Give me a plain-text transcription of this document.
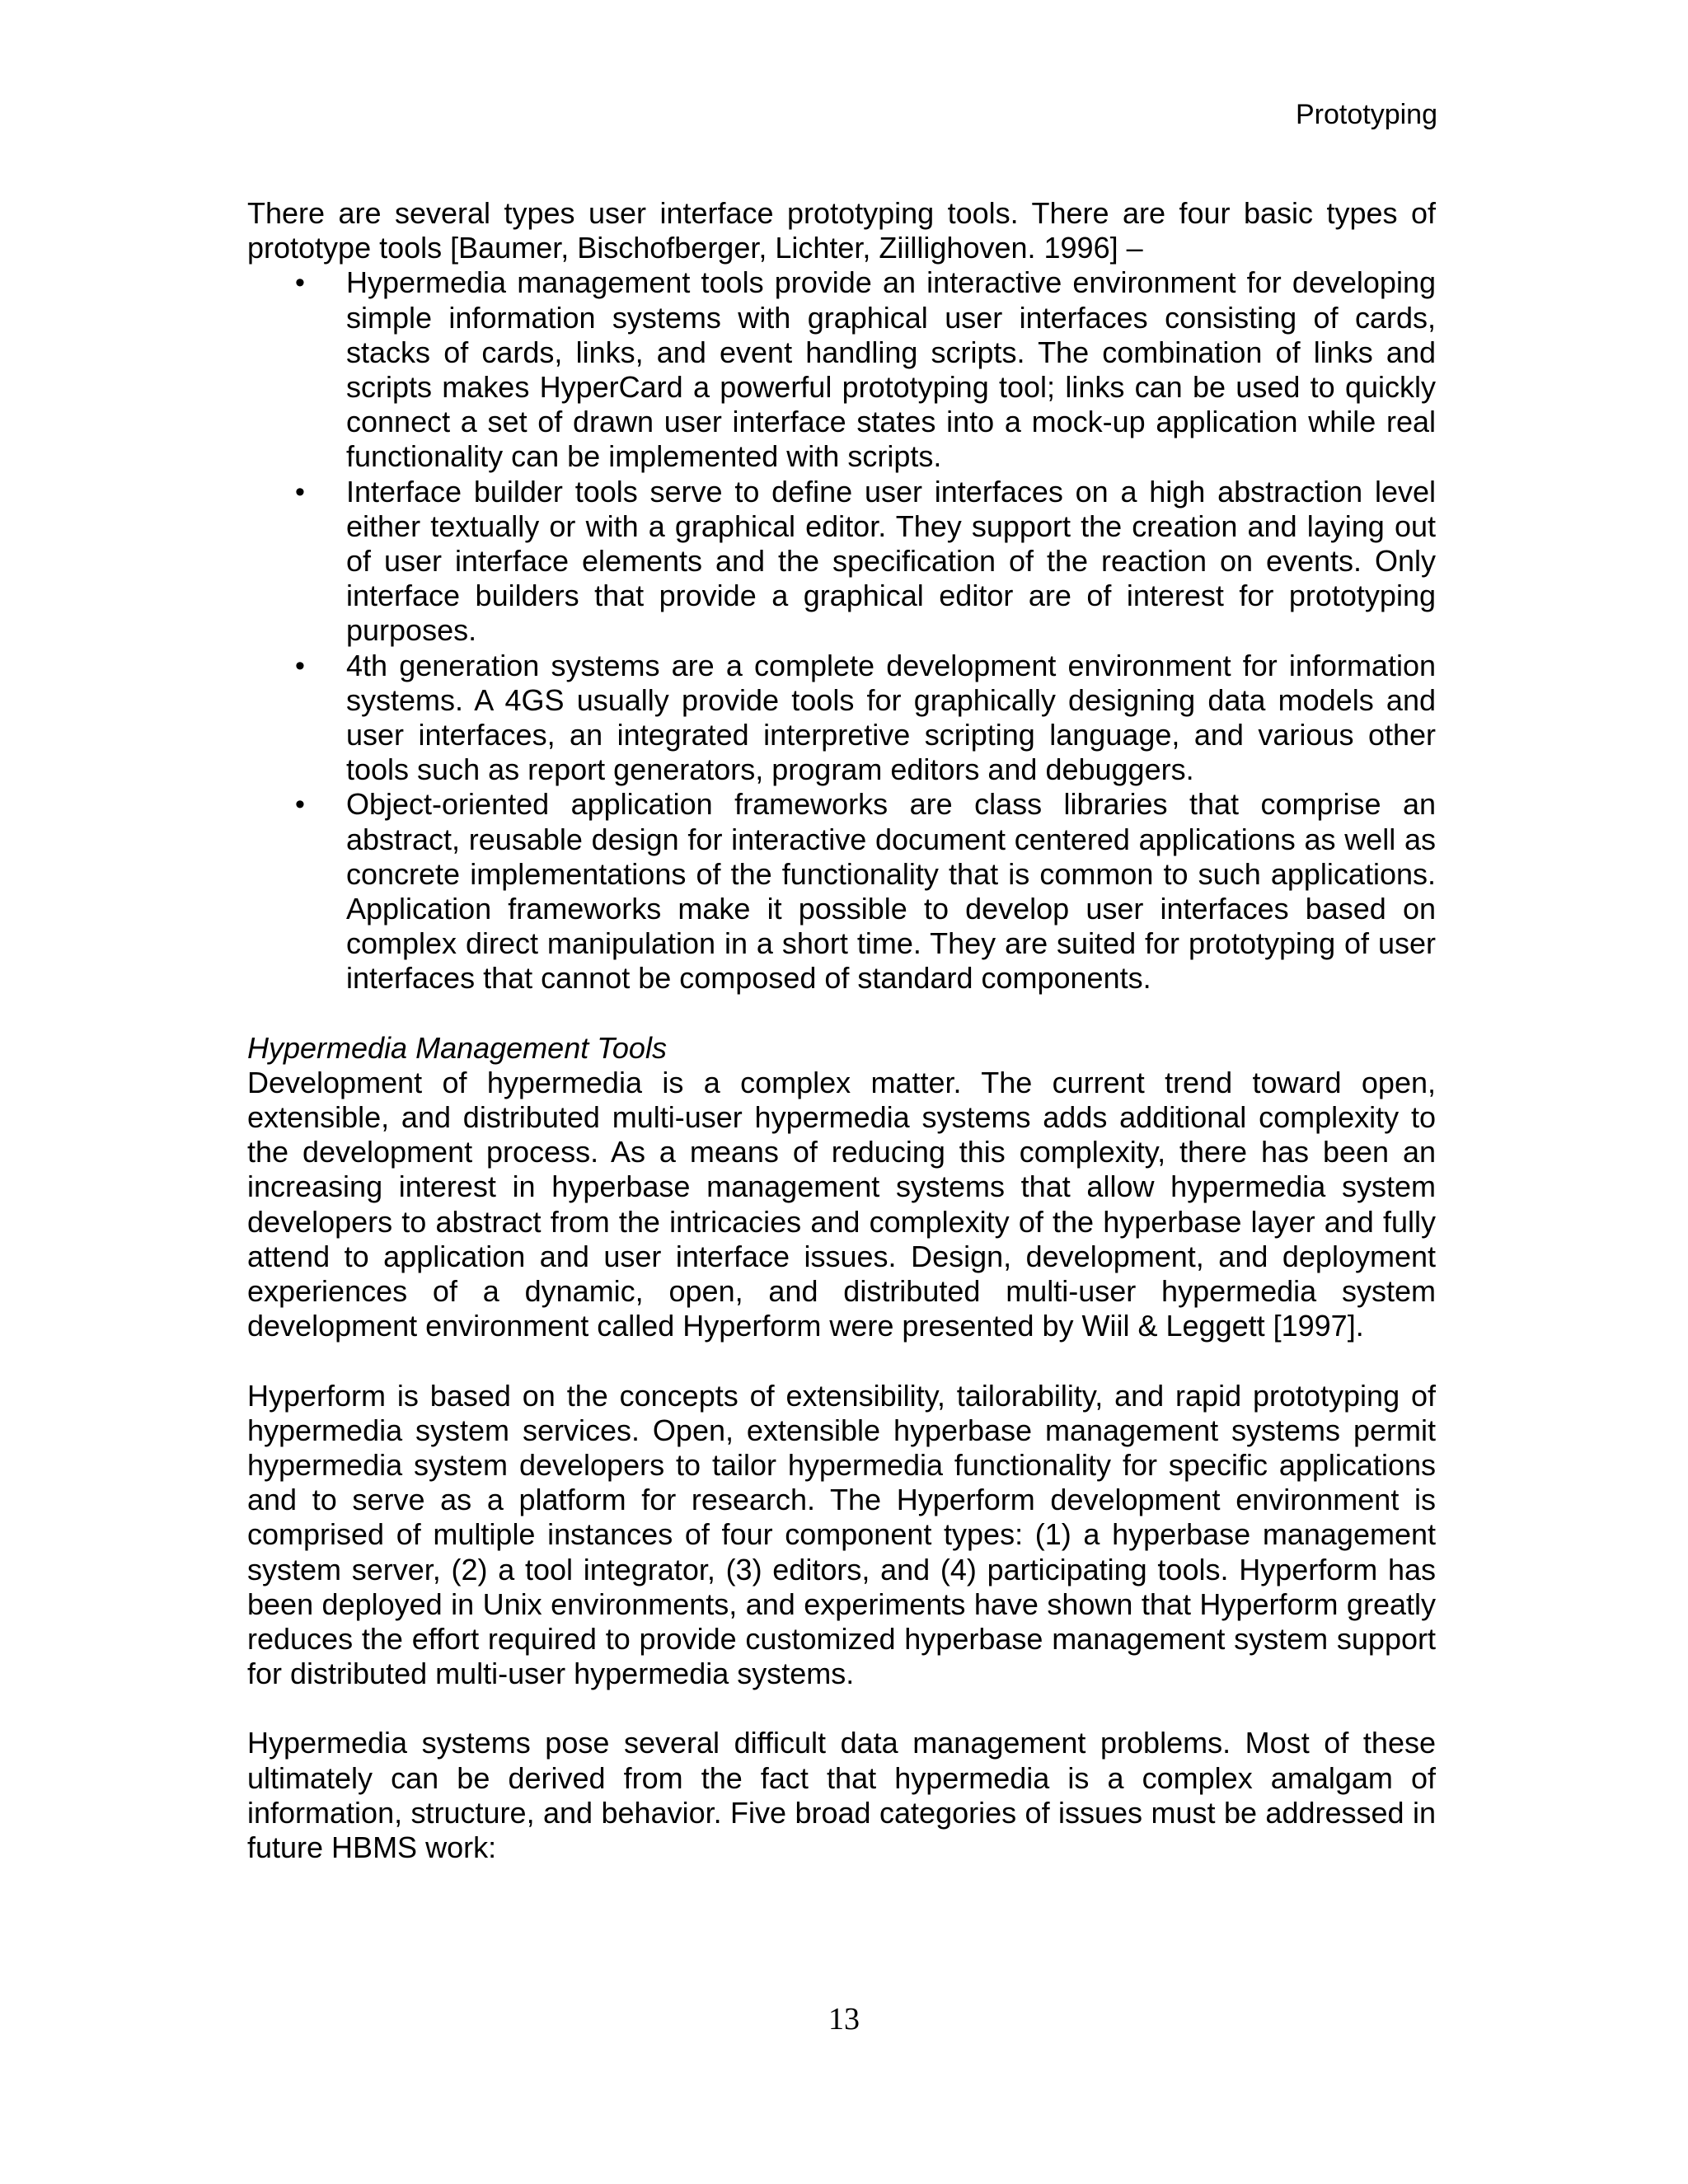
Prototyping

There are several types user interface prototyping tools. There are four basic types of prototype tools [Baumer, Bischofberger, Lichter, Ziillighoven. 1996] –

• Hypermedia management tools provide an interactive environment for developing simple information systems with graphical user interfaces consisting of cards, stacks of cards, links, and event handling scripts. The combination of links and scripts makes HyperCard a powerful prototyping tool; links can be used to quickly connect a set of drawn user interface states into a mock-up application while real functionality can be implemented with scripts.
• Interface builder tools serve to define user interfaces on a high abstraction level either textually or with a graphical editor. They support the creation and laying out of user interface elements and the specification of the reaction on events. Only interface builders that provide a graphical editor are of interest for prototyping purposes.
• 4th generation systems are a complete development environment for information systems. A 4GS usually provide tools for graphically designing data models and user interfaces, an integrated interpretive scripting language, and various other tools such as report generators, program editors and debuggers.
• Object-oriented application frameworks are class libraries that comprise an abstract, reusable design for interactive document centered applications as well as concrete implementations of the functionality that is common to such applications. Application frameworks make it possible to develop user interfaces based on complex direct manipulation in a short time. They are suited for prototyping of user interfaces that cannot be composed of standard components.

Hypermedia Management Tools

Development of hypermedia is a complex matter. The current trend toward open, extensible, and distributed multi-user hypermedia systems adds additional complexity to the development process. As a means of reducing this complexity, there has been an increasing interest in hyperbase management systems that allow hypermedia system developers to abstract from the intricacies and complexity of the hyperbase layer and fully attend to application and user interface issues. Design, development, and deployment experiences of a dynamic, open, and distributed multi-user hypermedia system development environment called Hyperform were presented by Wiil & Leggett [1997].

Hyperform is based on the concepts of extensibility, tailorability, and rapid prototyping of hypermedia system services. Open, extensible hyperbase management systems permit hypermedia system developers to tailor hypermedia functionality for specific applications and to serve as a platform for research. The Hyperform development environment is comprised of multiple instances of four component types: (1) a hyperbase management system server, (2) a tool integrator, (3) editors, and (4) participating tools. Hyperform has been deployed in Unix environments, and experiments have shown that Hyperform greatly reduces the effort required to provide customized hyperbase management system support for distributed multi-user hypermedia systems.

Hypermedia systems pose several difficult data management problems. Most of these ultimately can be derived from the fact that hypermedia is a complex amalgam of information, structure, and behavior. Five broad categories of issues must be addressed in future HBMS work:

13
